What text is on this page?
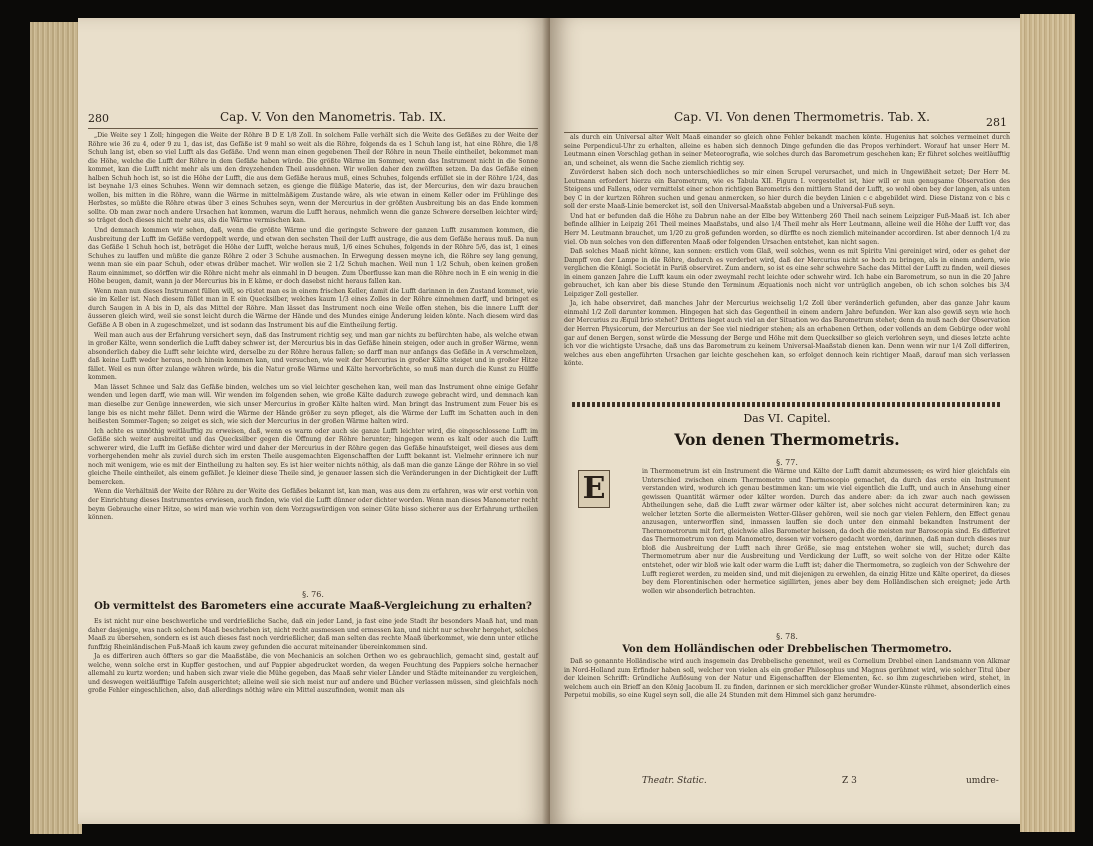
280	Cap. V. Von den Manometris. Tab. IX.

„Die Weite sey 1 Zoll; hingegen die Weite der Röhre B D E 1/8 Zoll. In solchem Falle verhält sich die Weite des Gefäßes zu der Weite der Röhre wie 36 zu 4, oder 9 zu 1, das ist, das Gefäße ist 9 mahl so weit als die Röhre, folgends da es 1 Schuh lang ist, hat eine Röhre, die 1/8 Schuh lang ist, eben so viel Lufft als das Gefäße. Und wenn man einen gegebenen Theil der Röhre in neun Theile eintheilet, bekommet man die Höhe, welche die Lufft der Röhre in dem Gefäße haben würde. Die größte Wärme im Sommer, wenn das Instrument nicht in die Sonne kommet, kan die Lufft nicht mehr als um den dreyzehenden Theil ausdehnen. Wir wollen daher den zwölften setzen. Da das Gefäße einen halben Schuh hoch ist, so ist die Höhe der Lufft, die aus dem Gefäße heraus muß, eines Schuhes, folgends erfüllet sie in der Röhre 1/24, das ist beynahe 1/3 eines Schuhes. Wenn wir demnach setzen, es gienge die flüßige Materie, das ist, der Mercurius, den wir dazu brauchen wollen, bis mitten in die Röhre, wann die Wärme in mittelmäßigem Zustande wäre, als wie etwan in einem Keller oder im Frühlinge des Herbstes, so müßte die Röhre etwas über 3 eines Schuhes seyn, wenn der Mercurius in der größten Ausbreitung bis an das Ende kommen sollte. Ob man zwar noch andere Ursachen hat kommen, warum die Lufft heraus, nehmlich wenn die ganze Schwere derselben leichter wird; so träget doch dieses nicht mehr aus, als die Wärme vermischen kan.

Und demnach kommen wir sehen, daß, wenn die größte Wärme und die geringste Schwere der ganzen Lufft zusammen kommen, die Ausbreitung der Lufft im Gefäße verdoppelt werde, und etwan den sechsten Theil der Lufft austrage, die aus dem Gefäße heraus muß. Da nun das Gefäße 1 Schuh hoch ist, beträget die Höhe der Lufft, welche heraus muß, 1/6 eines Schuhes, folgends in der Röhre 5/6, das ist, 1 eines Schuhes zu lauffen und müßte die ganze Röhre 2 oder 3 Schuhe ausmachen. In Erwegung dessen meyne ich, die Röhre sey lang genung, wenn man sie ein paar Schuh, oder etwas drüber machet. Wir wollen sie 2 1/2 Schuh machen. Weil nun 1 1/2 Schuh, oben keinen großen Raum einnimmet, so dörffen wir die Röhre nicht mehr als einmahl in D beugen. Zum Überflusse kan man die Röhre noch in E ein wenig in die Höhe beugen, damit, wann ja der Mercurius bis in E käme, er doch dasebst nicht heraus fallen kan.

Wenn man nun dieses Instrument füllen will, so rüstet man es in einem frischen Keller, damit die Lufft darinnen in den Zustand kommet, wie sie im Keller ist. Nach diesem füllet man in E ein Quecksilber, welches kaum 1/3 eines Zolles in der Röhre einnehmen darff, und bringet es durch Saugen in A bis in D, als das Mittel der Röhre. Man lässet das Instrument noch eine Weile offen stehen, bis die innere Lufft der äusseren gleich wird, weil sie sonst leicht durch die Wärme der Hände und des Mundes einige Änderung leiden könte. Nach diesem wird das Gefäße A B oben in A zugeschmelzet, und ist sodann das Instrument bis auf die Eintheilung fertig.

Weil man auch aus der Erfahrung versichert seyn, daß das Instrument richtig sey, und man gar nichts zu befürchten habe, als welche etwan in großer Kälte, wenn sonderlich die Lufft dabey schwer ist, der Mercurius bis in das Gefäße hinein steigen, oder auch in großer Wärme, wenn absonderlich dabey die Lufft sehr leichte wird, derselbe zu der Röhre heraus fallen; so darff man nur anfangs das Gefäße in A verschmelzen, daß keine Lufft weder heraus, noch hinein kommen kan, und versuchen, wie weit der Mercurius in großer Kälte steiget und in großer Hitze fället. Weil es nun öfter zulange währen würde, bis die Natur große Wärme und Kälte hervorbrächte, so muß man durch die Kunst zu Hülffe kommen.

Man lässet Schnee und Salz das Gefäße binden, welches um so viel leichter geschehen kan, weil man das Instrument ohne einige Gefahr wenden und legen darff, wie man will. Wir wenden im folgenden sehen, wie große Kälte dadurch zuwege gebracht wird, und demnach kan man dieselbe zur Genüge innewerden, wie sich unser Mercurius in großer Kälte halten wird. Man bringt das Instrument zum Feuer bis es lange bis es nicht mehr fället. Denn wird die Wärme der Hände größer zu seyn pfleget, als die Wärme der Lufft im Schatten auch in den heißesten Sommer-Tagen; so zeiget es sich, wie sich der Mercurius in der großen Wärme halten wird.

Ich achte es unnöthig weitläufftig zu erweisen, daß, wenn es warm oder auch sie ganze Lufft leichter wird, die eingeschlossene Lufft im Gefäße sich weiter ausbreitet und das Quecksilber gegen die Öffnung der Röhre herunter; hingegen wenn es kalt oder auch die Lufft schwerer wird, die Lufft im Gefäße dichter wird und daher der Mercurius in der Röhre gegen das Gefäße hinaufsteiget, weil dieses aus dem vorhergehenden mehr als zuviel durch sich im ersten Theile ausgemachten Eigenschafften der Lufft bekannt ist. Vielmehr erinnere ich nur noch mit wenigem, wie es mit der Eintheilung zu halten sey. Es ist hier weiter nichts nöthig, als daß man die ganze Länge der Röhre in so viel gleiche Theile eintheilet, als einem gefället. Je kleiner diese Theile sind, je genauer lassen sich die Veränderungen in der Dichtigkeit der Lufft bemercken.

Wenn die Verhältniß der Weite der Röhre zu der Weite des Gefäßes bekannt ist, kan man, was aus dem zu erfahren, was wir erst vorhin von der Einrichtung dieses Instrumentes erwiesen, auch finden, wie viel die Lufft dünner oder dichter worden. Wenn man dieses Manometer recht beym Gebrauche einer Hitze, so wird man wie vorhin von dem Vorzugswürdigen von seiner Güte bisso sicherer aus der Erfahrung urtheilen können.

§. 76.
Ob vermittelst des Barometers eine accurate Maaß-Vergleichung zu erhalten?

Es ist nicht nur eine beschwerliche und verdrießliche Sache, daß ein jeder Land, ja fast eine jede Stadt ihr besonders Maaß hat, und man daher dasjenige, was nach solchem Maaß beschrieben ist, nicht recht ausmessen und ermessen kan, und nicht nur schwehr hergehet, solches Maaß zu übersehen, sondern es ist auch dieses fast noch verdrießlicher, daß man selten das rechte Maaß überkommet, wie denn unter etliche funffzig Rheinländischen Fuß-Maaß ich kaum zwey gefunden die accurat miteinander übereinkommen sind.

Ja es differiren auch öffters so gar die Maaßstäbe, die von Mechanicis an solchen Orthen wo es gebrauchlich, gemacht sind, gestalt auf welche, wenn solche erst in Kupffer gestochen, und auf Pappier abgedrucket worden, da wegen Feuchtung des Pappiers solche hernacher allemahl zu kurtz worden; und haben sich zwar viele die Mühe gegeben, das Maaß sehr vieler Länder und Städte miteinander zu vergleichen, und deswegen weitläufftige Tafeln ausgerichtet; alleine weil sie sich meist nur auf andere und Bücher verlassen müssen, sind gleichfals noch große Fehler eingeschlichen, also, daß allerdings nöthig wäre ein Mittel auszufinden, womit man als

Cap. VI. Von denen Thermometris. Tab. X.	281

als durch ein Universal alter Welt Maaß einander so gleich ohne Fehler bekandt machen könte. Hugenius hat solches vermeinet durch seine Perpendicul-Uhr zu erhalten, alleine es haben sich dennoch Dinge gefunden die das Propos verhindert. Worauf hat unser Herr M. Leutmann einen Vorschlag gethan in seiner Meteorografia, wie solches durch das Barometrum geschehen kan; Er führet solches weitläufftig an, und scheinet, als wenn die Sache ziemlich richtig sey.

Zuvörderst haben sich doch noch unterschiedliches so mir einen Scrupel verursachet, und mich in Ungewißheit setzet; Der Herr M. Leutmann erfordert hierzu ein Barometrum, wie es Tabula XII. Figura I. vorgestellet ist, hier will er nun genugsame Observation des Steigens und Fallens, oder vermittelst einer schon richtigen Barometris den mittlern Stand der Lufft, so wohl oben bey der langen, als unten bey C in der kurtzen Röhren suchen und genau anmercken, so hier durch die beyden Linien c c abgebildet wird. Diese Distanz von c bis c soll der erste Maaß-Linie bemercket ist, soll den Universal-Maaßstab abgeben und a Universal-Fuß seyn.

Und hat er befunden daß die Höhe zu Dabrun nahe an der Elbe bey Wittenberg 260 Theil nach seinem Leipziger Fuß-Maaß ist. Ich aber befinde allhier in Leipzig 261 Theil meines Maaßstabs, und also 1/4 Theil mehr als Herr Leutmann, alleine weil die Höhe der Lufft vor, das Herr M. Leutmann brauchet, um 1/20 zu groß gefunden worden, so dürffte es noch ziemlich miteinander accordiren. Ist aber dennoch 1/4 zu viel. Ob nun solches von den differenten Maaß oder folgenden Ursachen entstehet, kan nicht sagen.

Daß solches Maaß nicht könne, kan sonnen: erstlich vom Glaß, weil solches, wenn es mit Spiritu Vini gereiniget wird, oder es gehet der Dampff von der Lampe in die Röhre, dadurch es verderbet wird, daß der Mercurius nicht so hoch zu bringen, als in einem andern, wie verglichen die Königl. Societät in Pariß observiret. Zum andern, so ist es eine sehr schwehre Sache das Mittel der Lufft zu finden, weil dieses in einem ganzen Jahre die Lufft kaum ein oder zweymahl recht leichte oder schwehr wird. Ich habe ein Barometrum, so nun in die 20 Jahre gebrauchet, ich kan aber bis diese Stunde den Terminum Æquationis noch nicht vor untrüglich angeben, ob ich schon solches bis 3/4 Leipziger Zoll gesteller.

Ja, ich habe observiret, daß manches Jahr der Mercurius weichselig 1/2 Zoll über veränderlich gefunden, aber das ganze Jahr kaum einmahl 1/2 Zoll darunter kommen. Hingegen hat sich das Gegentheil in einem andern Jahre befunden. Wer kan also gewiß seyn wie hoch der Mercurius zu Æquil brio stehet? Drittens lieget auch viel an der Situation wo das Barometrum stehet; denn da muß nach der Observation der Herren Physicorum, der Mercurius an der See viel niedriger stehen; als an erhabenen Orthen, oder vollends an dem Gebürge oder wohl gar auf denen Bergen, sonst würde die Messung der Berge und Höhe mit dem Quecksilber so gleich verlohren seyn, und dieses letzte achte ich vor die wichtigste Ursache, daß uns das Barometrum zu keinem Universal-Maaßstab dienen kan. Denn wenn wir nur 1/4 Zoll differiren, welches aus eben angeführten Ursachen gar leichte geschehen kan, so erfolget dennoch kein richtiger Maaß, darauf man sich verlassen könte.

Das VI. Capitel.
Von denen Thermometris.
§. 77.
in Thermometrum ist ein Instrument die Wärme und Kälte der Lufft damit abzumessen; es wird hier gleichfals ein Unterschied zwischen einem Thermometro und Thermoscopio gemachet, da durch das erste ein Instrument verstanden wird, wodurch ich genau bestimmen kan: um wie viel eigentlich die Lufft, und auch in Ansehung einer gewissen Quantität wärmer oder kälter worden. Durch das andere aber: da ich zwar auch nach gewissen Abtheilungen sehe, daß die Lufft zwar wärmer oder kälter ist, aber solches nicht accurat determiniren kan; zu welcher letzten Sorte die allermeisten Wetter-Gläser gehören, weil sie noch gar vielen Fehlern, den Effect genau anzusagen, unterworffen sind, inmassen lauffen sie doch unter den einmahl bekandten Instrument der Thermometrorum mit fort, gleichwie alles Barometer heissen, da doch die meisten nur Baroscopia sind. Es differiret das Thermometrum von dem Manometro, dessen wir vorhero gedacht worden, darinnen, daß man durch dieses nur bloß die Ausbreitung der Lufft nach ihrer Größe, sie mag entstehen woher sie will, suchet; durch das Thermometrum aber nur die Ausbreitung und Verdickung der Lufft, so weit solche von der Hitze oder Kälte entstehet, oder wir bloß wie kalt oder warm die Lufft ist; daher die Thermometra, so zugleich von der Schwehre der Lufft regieret werden, zu meiden sind, und mit diejenigen zu erwehlen, da einzig Hitze und Kälte operiret, da dieses bey dem Florentinischen oder hermetice sigillirten, jenes aber bey dem Holländischen sich ereignet; jede Arth wollen wir absonderlich betrachten.
§. 78.
Von dem Holländischen oder Drebbelischen Thermometro.

Daß so genannte Holländische wird auch insgemein das Drebbelische genennet, weil es Cornelium Drebbel einen Landsmann von Alkmar in Nord-Holland zum Erfinder haben soll, welcher von vielen als ein großer Philosophus und Magnus gerühmet wird, wie solcher Titul über der kleinen Schrifft: Gründliche Auflösung von der Natur und Eigenschafften der Elementen, &c. so ihm zugeschrieben wird, stehet, in welchem auch ein Brieff an den König Jacobum II. zu finden, darinnen er sich mercklicher großer Wunder-Künste rühmet, absonderlich eines Perpetui mobilis, so eine Kugel seyn soll, die alle 24 Stunden mit dem Himmel sich ganz herumdre-

Theatr. Static.	Z 3	umdre-
E
